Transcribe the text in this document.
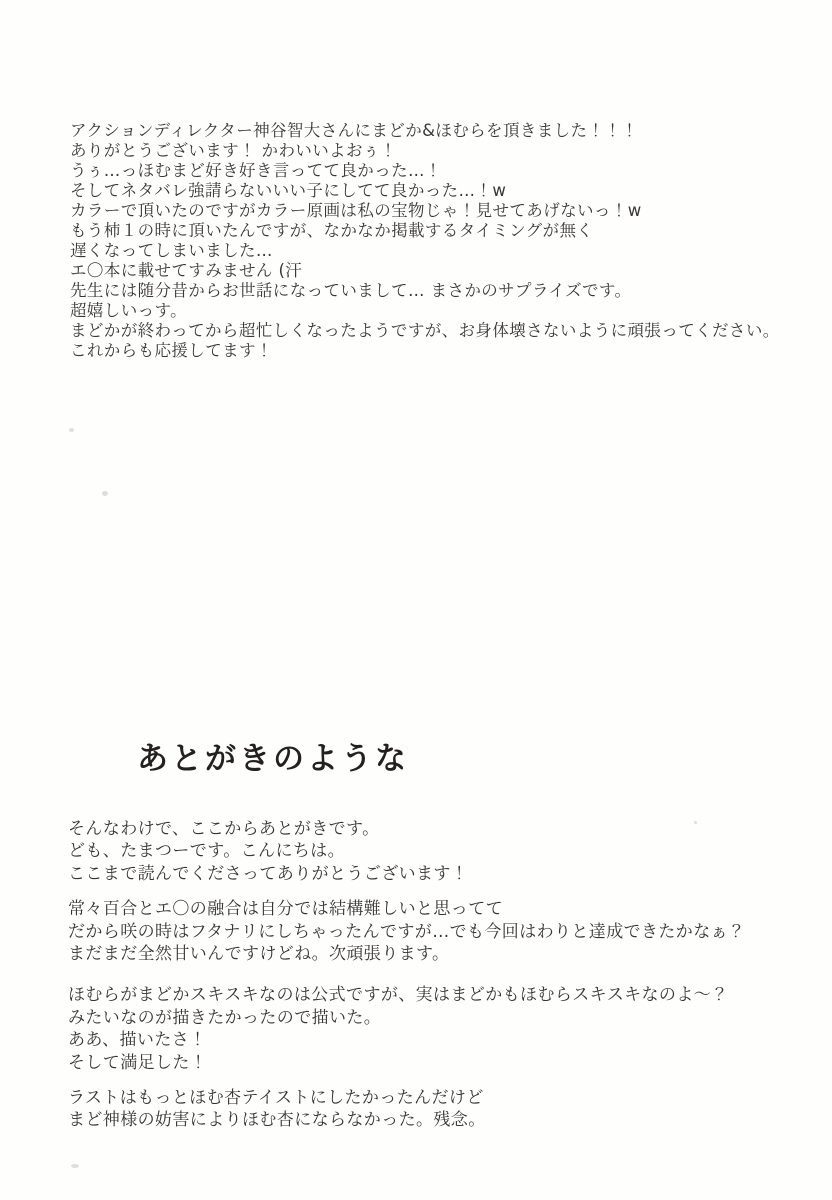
アクションディレクター神谷智大さんにまどか&ほむらを頂きました！！！
ありがとうございます！ かわいいよおぅ！
うぅ…っほむまど好き好き言ってて良かった…！
そしてネタバレ強請らないいい子にしてて良かった…！w
カラーで頂いたのですがカラー原画は私の宝物じゃ！見せてあげないっ！w
もう柿１の時に頂いたんですが、なかなか掲載するタイミングが無く
遅くなってしまいました…
エ〇本に載せてすみません (汗
先生には随分昔からお世話になっていまして… まさかのサプライズです。
超嬉しいっす。
まどかが終わってから超忙しくなったようですが、お身体壊さないように頑張ってください。
これからも応援してます！
あとがきのような
そんなわけで、ここからあとがきです。
ども、たまつーです。こんにちは。
ここまで読んでくださってありがとうございます！
常々百合とエ〇の融合は自分では結構難しいと思ってて
だから咲の時はフタナリにしちゃったんですが…でも今回はわりと達成できたかなぁ？
まだまだ全然甘いんですけどね。次頑張ります。
ほむらがまどかスキスキなのは公式ですが、実はまどかもほむらスキスキなのよ〜？
みたいなのが描きたかったので描いた。
ああ、描いたさ！
そして満足した！
ラストはもっとほむ杏テイストにしたかったんだけど
まど神様の妨害によりほむ杏にならなかった。残念。
